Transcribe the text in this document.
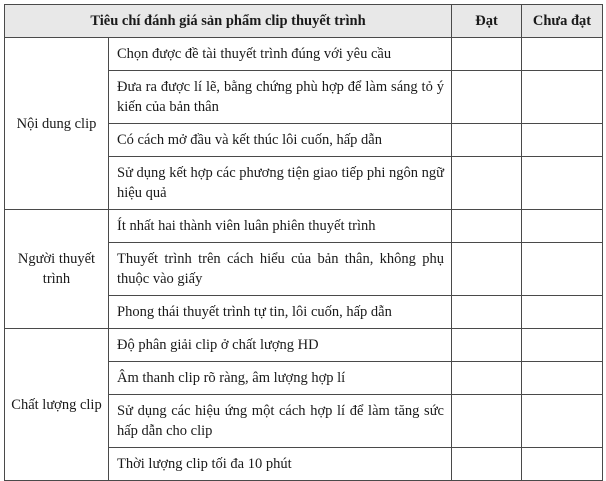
Tiêu chí đánh giá sản phẩm clip thuyết trình		Đạt	Chưa đạt
Nội dung clip	Chọn được đề tài thuyết trình đúng với yêu cầu		
	Đưa ra được lí lẽ, bằng chứng phù hợp để làm sáng tỏ ý kiến của bản thân		
	Có cách mở đầu và kết thúc lôi cuốn, hấp dẫn		
	Sử dụng kết hợp các phương tiện giao tiếp phi ngôn ngữ hiệu quả		
Người thuyết trình	Ít nhất hai thành viên luân phiên thuyết trình		
	Thuyết trình trên cách hiểu của bản thân, không phụ thuộc vào giấy		
	Phong thái thuyết trình tự tin, lôi cuốn, hấp dẫn		
Chất lượng clip	Độ phân giải clip ở chất lượng HD		
	Âm thanh clip rõ ràng, âm lượng hợp lí		
	Sử dụng các hiệu ứng một cách hợp lí để làm tăng sức hấp dẫn cho clip		
	Thời lượng clip tối đa 10 phút		
